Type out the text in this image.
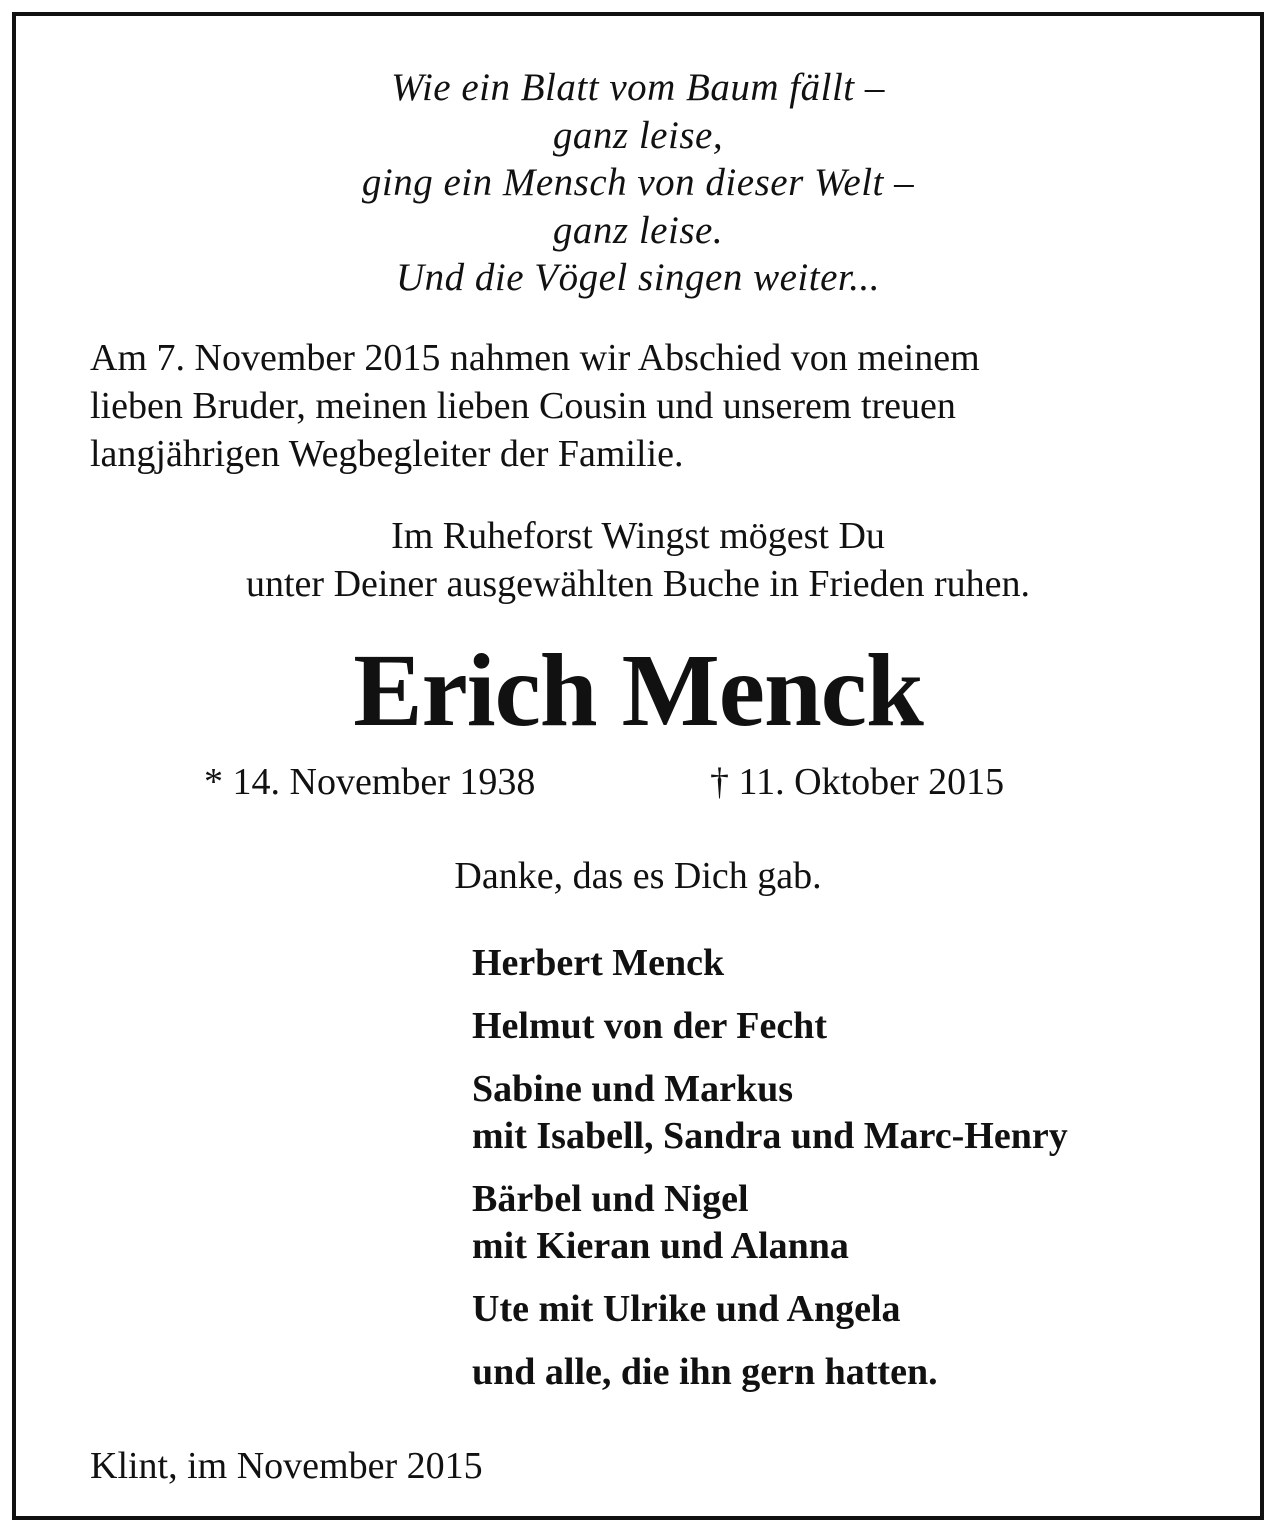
Wie ein Blatt vom Baum fällt –
ganz leise,
ging ein Mensch von dieser Welt –
ganz leise.
Und die Vögel singen weiter...
Am 7. November 2015 nahmen wir Abschied von meinem
lieben Bruder, meinen lieben Cousin und unserem treuen
langjährigen Wegbegleiter der Familie.
Im Ruheforst Wingst mögest Du
unter Deiner ausgewählten Buche in Frieden ruhen.
Erich Menck
* 14. November 1938	† 11. Oktober 2015
Danke, das es Dich gab.
Herbert Menck
Helmut von der Fecht
Sabine und Markus
mit Isabell, Sandra und Marc-Henry
Bärbel und Nigel
mit Kieran und Alanna
Ute mit Ulrike und Angela
und alle, die ihn gern hatten.
Klint, im November 2015
